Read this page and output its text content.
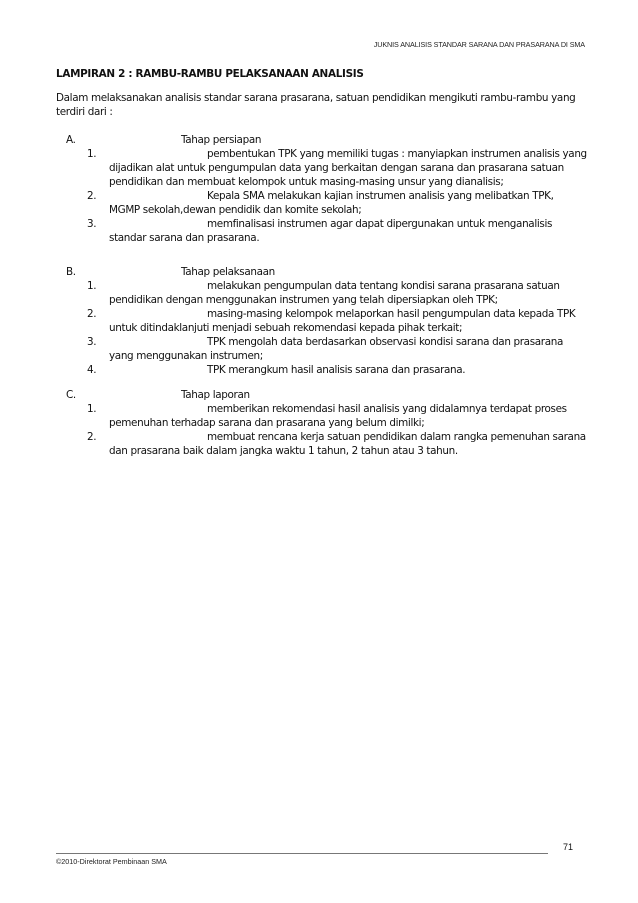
JUKNIS ANALISIS STANDAR SARANA DAN PRASARANA DI SMA
LAMPIRAN 2 : RAMBU-RAMBU PELAKSANAAN ANALISIS
Dalam melaksanakan analisis standar sarana prasarana, satuan pendidikan mengikuti rambu-rambu yang terdiri dari :
A.	Tahap persiapan
1.	pembentukan TPK yang memiliki tugas : manyiapkan instrumen analisis yang dijadikan alat untuk pengumpulan data yang berkaitan dengan sarana dan prasarana satuan pendidikan dan membuat kelompok untuk masing-masing unsur yang dianalisis;
2.	Kepala SMA melakukan kajian instrumen analisis yang melibatkan TPK, MGMP sekolah,dewan pendidik dan komite sekolah;
3.	memfinalisasi instrumen agar dapat dipergunakan untuk menganalisis standar sarana dan prasarana.
B.	Tahap pelaksanaan
1.	melakukan pengumpulan data tentang kondisi sarana prasarana satuan pendidikan dengan menggunakan instrumen yang telah dipersiapkan oleh TPK;
2.	masing-masing kelompok melaporkan hasil pengumpulan data kepada TPK untuk ditindaklanjuti menjadi sebuah rekomendasi kepada pihak terkait;
3.	TPK mengolah data berdasarkan observasi kondisi sarana dan prasarana yang menggunakan instrumen;
4.	TPK merangkum hasil analisis sarana dan prasarana.
C.	Tahap laporan
1.	memberikan rekomendasi hasil analisis yang didalamnya terdapat proses pemenuhan terhadap sarana dan prasarana yang belum dimilki;
2.	membuat rencana kerja satuan pendidikan dalam rangka pemenuhan sarana dan prasarana baik dalam jangka waktu 1 tahun, 2 tahun atau 3 tahun.
71
©2010-Direktorat Pembinaan SMA
